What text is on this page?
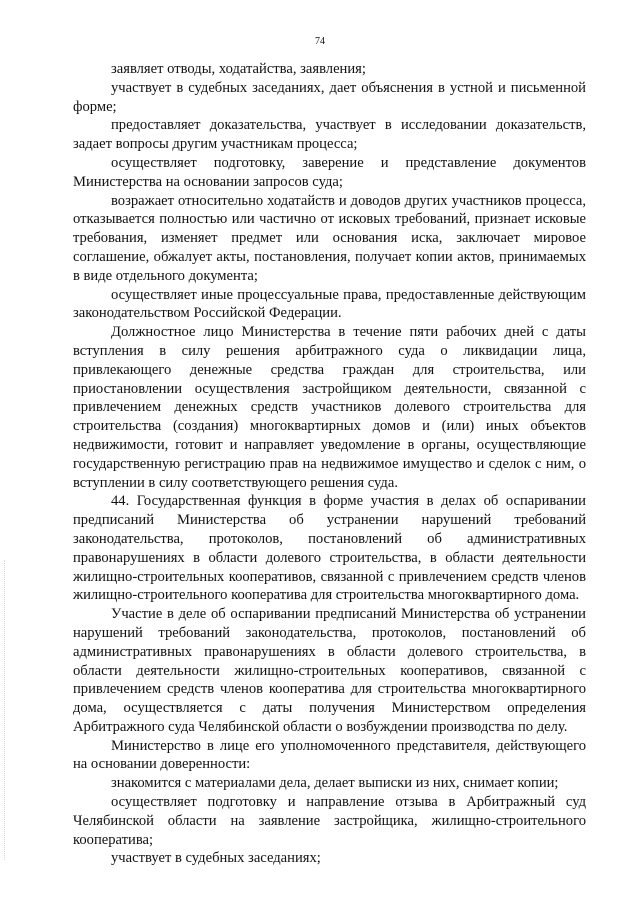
74

заявляет отводы, ходатайства, заявления;

участвует в судебных заседаниях, дает объяснения в устной и письменной форме;

предоставляет доказательства, участвует в исследовании доказательств, задает вопросы другим участникам процесса;

осуществляет подготовку, заверение и представление документов Министерства на основании запросов суда;

возражает относительно ходатайств и доводов других участников процесса, отказывается полностью или частично от исковых требований, признает исковые требования, изменяет предмет или основания иска, заключает мировое соглашение, обжалует акты, постановления, получает копии актов, принимаемых в виде отдельного документа;

осуществляет иные процессуальные права, предоставленные действующим законодательством Российской Федерации.

Должностное лицо Министерства в течение пяти рабочих дней с даты вступления в силу решения арбитражного суда о ликвидации лица, привлекающего денежные средства граждан для строительства, или приостановлении осуществления застройщиком деятельности, связанной с привлечением денежных средств участников долевого строительства для строительства (создания) многоквартирных домов и (или) иных объектов недвижимости, готовит и направляет уведомление в органы, осуществляющие государственную регистрацию прав на недвижимое имущество и сделок с ним, о вступлении в силу соответствующего решения суда.

44. Государственная функция в форме участия в делах об оспаривании предписаний Министерства об устранении нарушений требований законодательства, протоколов, постановлений об административных правонарушениях в области долевого строительства, в области деятельности жилищно-строительных кооперативов, связанной с привлечением средств членов жилищно-строительного кооператива для строительства многоквартирного дома.

Участие в деле об оспаривании предписаний Министерства об устранении нарушений требований законодательства, протоколов, постановлений об административных правонарушениях в области долевого строительства, в области деятельности жилищно-строительных кооперативов, связанной с привлечением средств членов кооператива для строительства многоквартирного дома, осуществляется с даты получения Министерством определения Арбитражного суда Челябинской области о возбуждении производства по делу.

Министерство в лице его уполномоченного представителя, действующего на основании доверенности:

знакомится с материалами дела, делает выписки из них, снимает копии;

осуществляет подготовку и направление отзыва в Арбитражный суд Челябинской области на заявление застройщика, жилищно-строительного кооператива;

участвует в судебных заседаниях;
